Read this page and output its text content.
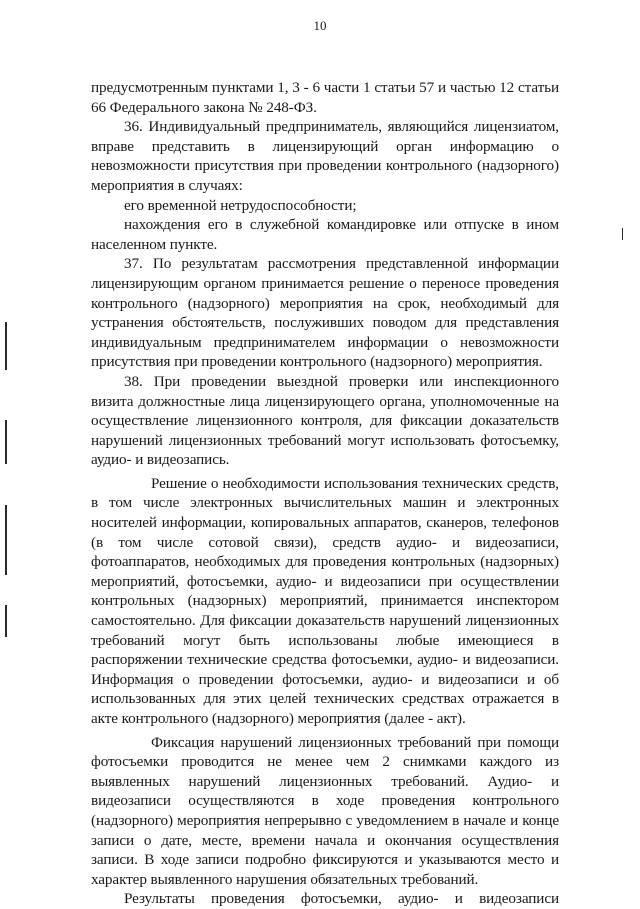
10

предусмотренным пунктами 1, 3 - 6 части 1 статьи 57 и частью 12 статьи 66 Федерального закона № 248-ФЗ.

36. Индивидуальный предприниматель, являющийся лицензиатом, вправе представить в лицензирующий орган информацию о невозможности присутствия при проведении контрольного (надзорного) мероприятия в случаях:

его временной нетрудоспособности;

нахождения его в служебной командировке или отпуске в ином населенном пункте.

37. По результатам рассмотрения представленной информации лицензирующим органом принимается решение о переносе проведения контрольного (надзорного) мероприятия на срок, необходимый для устранения обстоятельств, послуживших поводом для представления индивидуальным предпринимателем информации о невозможности присутствия при проведении контрольного (надзорного) мероприятия.

38. При проведении выездной проверки или инспекционного визита должностные лица лицензирующего органа, уполномоченные на осуществление лицензионного контроля, для фиксации доказательств нарушений лицензионных требований могут использовать фотосъемку, аудио- и видеозапись.

Решение о необходимости использования технических средств, в том числе электронных вычислительных машин и электронных носителей информации, копировальных аппаратов, сканеров, телефонов (в том числе сотовой связи), средств аудио- и видеозаписи, фотоаппаратов, необходимых для проведения контрольных (надзорных) мероприятий, фотосъемки, аудио- и видеозаписи при осуществлении контрольных (надзорных) мероприятий, принимается инспектором самостоятельно. Для фиксации доказательств нарушений лицензионных требований могут быть использованы любые имеющиеся в распоряжении технические средства фотосъемки, аудио- и видеозаписи. Информация о проведении фотосъемки, аудио- и видеозаписи и об использованных для этих целей технических средствах отражается в акте контрольного (надзорного) мероприятия (далее - акт).

Фиксация нарушений лицензионных требований при помощи фотосъемки проводится не менее чем 2 снимками каждого из выявленных нарушений лицензионных требований. Аудио- и видеозаписи осуществляются в ходе проведения контрольного (надзорного) мероприятия непрерывно с уведомлением в начале и конце записи о дате, месте, времени начала и окончания осуществления записи. В ходе записи подробно фиксируются и указываются место и характер выявленного нарушения обязательных требований.

Результаты проведения фотосъемки, аудио- и видеозаписи
